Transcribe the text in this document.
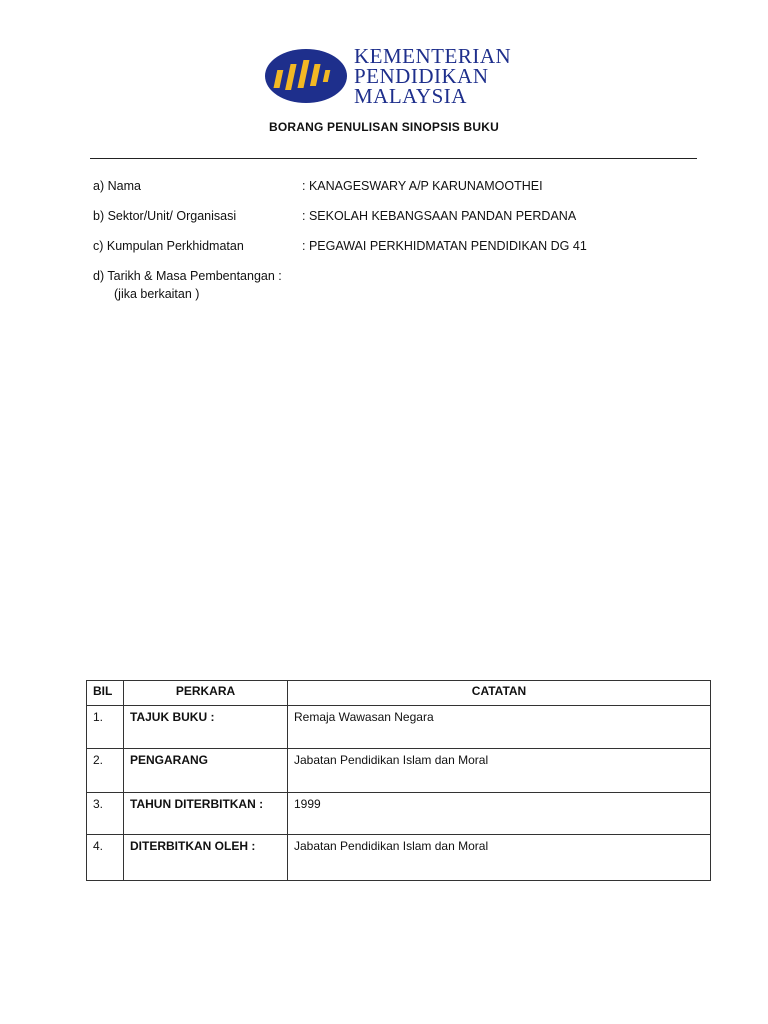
KEMENTERIAN
PENDIDIKAN
MALAYSIA
BORANG PENULISAN SINOPSIS BUKU
a) Nama	: KANAGESWARY A/P KARUNAMOOTHEI
b) Sektor/Unit/ Organisasi	: SEKOLAH KEBANGSAAN PANDAN PERDANA
c) Kumpulan Perkhidmatan	: PEGAWAI PERKHIDMATAN PENDIDIKAN DG 41
d) Tarikh & Masa Pembentangan :
(jika berkaitan )
BIL	PERKARA	CATATAN
1.	TAJUK BUKU :	Remaja Wawasan Negara
2.	PENGARANG	Jabatan Pendidikan Islam dan Moral
3.	TAHUN DITERBITKAN :	1999
4.	DITERBITKAN OLEH :	Jabatan Pendidikan Islam dan Moral
